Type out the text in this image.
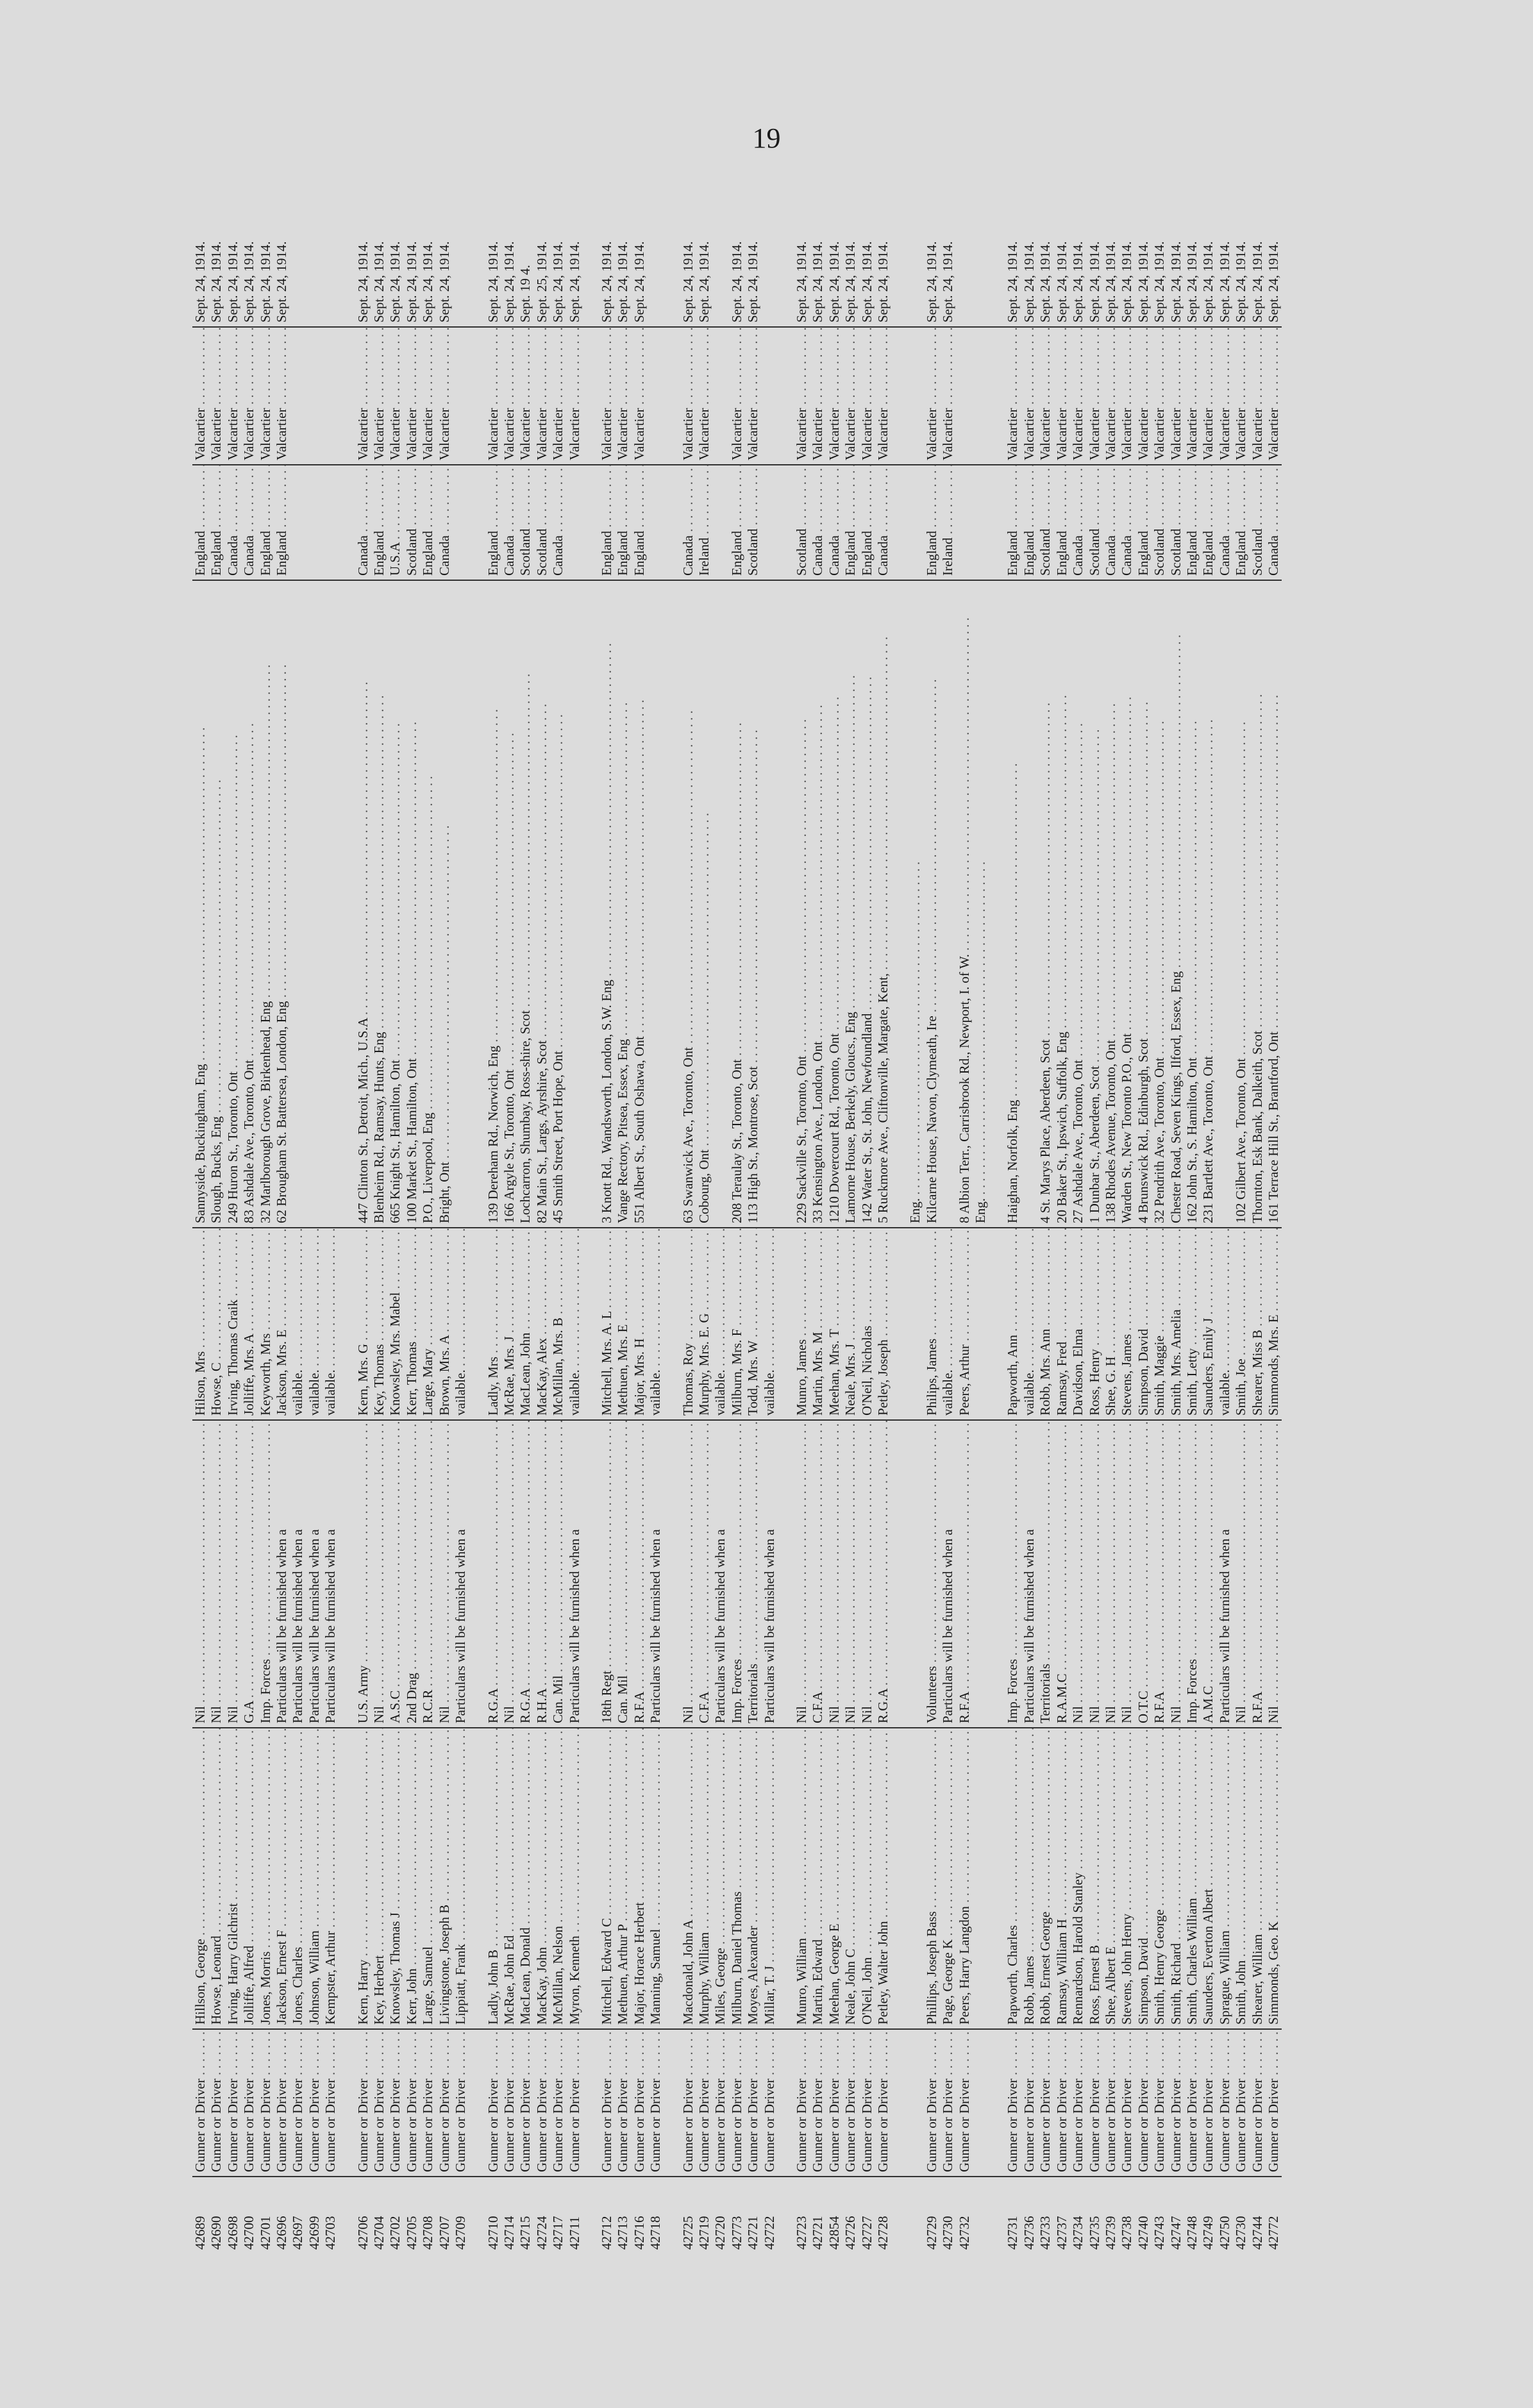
19
42689	Gunner or Driver . . .	Hillson, George . . .	Nil . . .	Hilson, Mrs . . .	Sannyside, Buckingham, Eng . . .	England . . .	Valcartier . . .	Sept. 24, 1914.
42690	Gunner or Driver . . .	Howse, Leonard . . .	Nil . . .	Howse, C . . .	Slough, Bucks, Eng . . .	England . . .	Valcartier . . .	Sept. 24, 1914.
42698	Gunner or Driver . . .	Irving, Harry Gilchrist . . .	Nil . . .	Irving, Thomas Craik . . .	249 Huron St., Toronto, Ont . . .	Canada . . .	Valcartier . . .	Sept. 24, 1914.
42700	Gunner or Driver . . .	Jolliffe, Alfred . . .	G.A . . .	Jolliffe, Mrs. A . . .	83 Ashdale Ave., Toronto, Ont . . .	Canada . . .	Valcartier . . .	Sept. 24, 1914.
42701	Gunner or Driver . . .	Jones, Morris . . .	Imp. Forces . . .	Keyworth, Mrs . . .	32 Marlborough Grove, Birkenhead, Eng . . .	England . . .	Valcartier . . .	Sept. 24, 1914.
42696	Gunner or Driver . . .	Jackson, Ernest F . . .	Particulars will be furnished when a	Jackson, Mrs. E . . .	62 Brougham St. Battersea, London, Eng . . .	England . . .	Valcartier . . .	Sept. 24, 1914.
42697	Gunner or Driver . . .	Jones, Charles . . .	Particulars will be furnished when a	vailable. . . .				
42699	Gunner or Driver . . .	Johnson, William . . .	Particulars will be furnished when a	vailable. . . .				
42703	Gunner or Driver . . .	Kempster, Arthur . . .	Particulars will be furnished when a	vailable. . . .				

42706	Gunner or Driver . . .	Kern, Harry . . .	U.S. Army . . .	Kern, Mrs. G . . .	447 Clinton St., Detroit, Mich., U.S.A . . .	Canada . . .	Valcartier . . .	Sept. 24, 1914.
42704	Gunner or Driver . . .	Key, Herbert . . .	Nil . . .	Key, Thomas . . .	Blenheim Rd., Ramsay, Hunts, Eng . . .	England . . .	Valcartier . . .	Sept. 24, 1914.
42702	Gunner or Driver . . .	Knowsley, Thomas J . . .	A.S.C . . .	Knowsley, Mrs. Mabel . . .	665 Knight St., Hamilton, Ont . . .	U.S.A . . .	Valcartier . . .	Sept. 24, 1914.
42705	Gunner or Driver . . .	Kerr, John . . .	2nd Drag . . .	Kerr, Thomas . . .	100 Market St., Hamilton, Ont . . .	Scotland . . .	Valcartier . . .	Sept. 24, 1914.
42708	Gunner or Driver . . .	Large, Samuel . . .	R.C.R . . .	Large, Mary . . .	P.O., Liverpool, Eng . . .	England . . .	Valcartier . . .	Sept. 24, 1914.
42707	Gunner or Driver . . .	Livingstone, Joseph B . . .	Nil . . .	Brown, Mrs. A . . .	Bright, Ont . . .	Canada . . .	Valcartier . . .	Sept. 24, 1914.
42709	Gunner or Driver . . .	Lippiatt, Frank . . .	Particulars will be furnished when a	vailable. . . .				

42710	Gunner or Driver . . .	Ladly, John B . . .	R.G.A . . .	Ladly, Mrs . . .	139 Dereham Rd., Norwich, Eng . . .	England . . .	Valcartier . . .	Sept. 24, 1914.
42714	Gunner or Driver . . .	McRae, John Ed . . .	Nil . . .	McRae, Mrs. J . . .	166 Argyle St., Toronto, Ont . . .	Canada . . .	Valcartier . . .	Sept. 24, 1914.
42715	Gunner or Driver . . .	MacLean, Donald . . .	R.G.A . . .	MacLean, John . . .	Lochcarron, Shumbay, Ross-shire, Scot . . .	Scotland . . .	Valcartier . . .	Sept. 19 4.
42724	Gunner or Driver . . .	MacKay, John . . .	R.H.A . . .	MacKay, Alex . . .	82 Main St., Largs, Ayrshire, Scot . . .	Scotland . . .	Valcartier . . .	Sept. 25, 1914.
42717	Gunner or Driver . . .	McMillan, Nelson . . .	Can. Mil . . .	McMillan, Mrs. B . . .	45 Smith Street, Port Hope, Ont . . .	Canada . . .	Valcartier . . .	Sept. 24, 1914.
42711	Gunner or Driver . . .	Myron, Kenneth . . .	Particulars will be furnished when a	vailable. . . .			Valcartier . . .	Sept. 24, 1914.

42712	Gunner or Driver . . .	Mitchell, Edward C . . .	18th Regt . . .	Mitchell, Mrs. A. L . . .	3 Knott Rd., Wandsworth, London, S.W. Eng . . .	England . . .	Valcartier . . .	Sept. 24, 1914.
42713	Gunner or Driver . . .	Methuen, Arthur P . . .	Can. Mil . . .	Methuen, Mrs. E . . .	Vange Rectory, Pitsea, Essex, Eng . . .	England . . .	Valcartier . . .	Sept. 24, 1914.
42716	Gunner or Driver . . .	Major, Horace Herbert . . .	R.F.A . . .	Major, Mrs. H . . .	551 Albert St., South Oshawa, Ont . . .	England . . .	Valcartier . . .	Sept. 24, 1914.
42718	Gunner or Driver . . .	Manning, Samuel . . .	Particulars will be furnished when a	vailable. . . .				

42725	Gunner or Driver . . .	Macdonald, John A . . .	Nil . . .	Thomas, Roy . . .	63 Swanwick Ave., Toronto, Ont . . .	Canada . . .	Valcartier . . .	Sept. 24, 1914.
42719	Gunner or Driver . . .	Murphy, William . . .	C.F.A . . .	Murphy, Mrs. E. G . . .	Cobourg, Ont . . .	Ireland . . .	Valcartier . . .	Sept. 24, 1914.
42720	Gunner or Driver . . .	Miles, George . . .	Particulars will be furnished when a	vailable. . . .				
42773	Gunner or Driver . . .	Milburn, Daniel Thomas . . .	Imp. Forces . . .	Milburn, Mrs. F . . .	208 Teraulay St., Toronto, Ont . . .	England . . .	Valcartier . . .	Sept. 24, 1914.
42721	Gunner or Driver . . .	Moyes, Alexander . . .	Territorials . . .	Todd, Mrs. W . . .	113 High St., Montrose, Scot . . .	Scotland . . .	Valcartier . . .	Sept. 24, 1914.
42722	Gunner or Driver . . .	Millar, T. J . . .	Particulars will be furnished when a	vailable. . . .				

42723	Gunner or Driver . . .	Munro, William . . .	Nil . . .	Munro, James . . .	229 Sackville St., Toronto, Ont . . .	Scotland . . .	Valcartier . . .	Sept. 24, 1914.
42721	Gunner or Driver . . .	Martin, Edward . . .	C.F.A . . .	Martin, Mrs. M . . .	33 Kensington Ave., London, Ont . . .	Canada . . .	Valcartier . . .	Sept. 24, 1914.
42854	Gunner or Driver . . .	Meehan, George E . . .	Nil . . .	Meehan, Mrs. T . . .	1210 Dovercourt Rd., Toronto, Ont . . .	Canada . . .	Valcartier . . .	Sept. 24, 1914.
42726	Gunner or Driver . . .	Neale, John C . . .	Nil . . .	Neale, Mrs. J . . .	Lamorne House, Berkely, Gloucs., Eng . . .	England . . .	Valcartier . . .	Sept. 24, 1914.
42727	Gunner or Driver . . .	O'Neil, John . . .	Nil . . .	O'Neil, Nicholas . . .	142 Water St., St. John, Newfoundland . . .	England . . .	Valcartier . . .	Sept. 24, 1914.
42728	Gunner or Driver . . .	Petley, Walter John . . .	R.G.A . . .	Petley, Joseph . . .	5 Ruckmore Ave., Cliftonville, Margate, Kent, . . .	Canada . . .	Valcartier . . .	Sept. 24, 1914.

					Eng. . . .			
42729	Gunner or Driver . . .	Phillips, Joseph Bass . . .	Volunteers . . .	Philips, James . . .	Kilcarne House, Navon, Clymeath, Ire . . .	England . . .	Valcartier . . .	Sept. 24, 1914.
42730	Gunner or Driver . . .	Page, George K . . .	Particulars will be furnished when a	vailable. . . .		Ireland . . .	Valcartier . . .	Sept. 24, 1914.
42732	Gunner or Driver . . .	Peers, Harry Langdon . . .	R.F.A . . .	Peers, Arthur . . .	8 Albion Terr., Carrisbrook Rd., Newport, I. of W. . . .			
					Eng. . . .			

42731	Gunner or Driver . . .	Papworth, Charles . . .	Imp. Forces . . .	Papworth, Ann . . .	Haighan, Norfolk, Eng . . .	England . . .	Valcartier . . .	Sept. 24, 1914.
42736	Gunner or Driver . . .	Robb, James . . .	Particulars will be furnished when a	vailable. . . .		England . . .	Valcartier . . .	Sept. 24, 1914.
42733	Gunner or Driver . . .	Robb, Ernest George . . .	Territorials . . .	Robb, Mrs. Ann . . .	4 St. Marys Place, Aberdeen, Scot . . .	Scotland . . .	Valcartier . . .	Sept. 24, 1914.
42737	Gunner or Driver . . .	Ramsay, William H . . .	R.A.M.C . . .	Ramsay, Fred . . .	20 Baker St., Ipswich, Suffolk, Eng . . .	England . . .	Valcartier . . .	Sept. 24, 1914.
42734	Gunner or Driver . . .	Rennardson, Harold Stanley . . .	Nil . . .	Davidson, Elma . . .	27 Ashdale Ave., Toronto, Ont . . .	Canada . . .	Valcartier . . .	Sept. 24, 1914.
42735	Gunner or Driver . . .	Ross, Ernest B . . .	Nil . . .	Ross, Henry . . .	1 Dunbar St., Aberdeen, Scot . . .	Scotland . . .	Valcartier . . .	Sept. 24, 1914.
42739	Gunner or Driver . . .	Shee, Albert E . . .	Nil . . .	Shee, G. H . . .	138 Rhodes Avenue, Toronto, Ont . . .	Canada . . .	Valcartier . . .	Sept. 24, 1914.
42738	Gunner or Driver . . .	Stevens, John Henry . . .	Nil . . .	Stevens, James . . .	Warden St., New Toronto P.O., Ont . . .	Canada . . .	Valcartier . . .	Sept. 24, 1914.
42740	Gunner or Driver . . .	Simpson, David . . .	O.T.C . . .	Simpson, David . . .	4 Brunswick Rd., Edinburgh, Scot . . .	England . . .	Valcartier . . .	Sept. 24, 1914.
42743	Gunner or Driver . . .	Smith, Henry George . . .	R.F.A . . .	Smith, Maggie . . .	32 Pendrith Ave., Toronto, Ont . . .	Scotland . . .	Valcartier . . .	Sept. 24, 1914.
42747	Gunner or Driver . . .	Smith, Richard . . .	Nil . . .	Smith, Mrs. Amelia . . .	Chester Road, Seven Kings, Ilford, Essex, Eng . . .	Scotland . . .	Valcartier . . .	Sept. 24, 1914.
42748	Gunner or Driver . . .	Smith, Charles William . . .	Imp. Forces . . .	Smith, Letty . . .	162 John St., S. Hamilton, Ont . . .	England . . .	Valcartier . . .	Sept. 24, 1914.
42749	Gunner or Driver . . .	Saunders, Everton Albert . . .	A.M.C . . .	Saunders, Emily J . . .	231 Bartlett Ave., Toronto, Ont . . .	England . . .	Valcartier . . .	Sept. 24, 1914.
42750	Gunner or Driver . . .	Sprague, William . . .	Particulars will be furnished when a	vailable. . . .		Canada . . .	Valcartier . . .	Sept. 24, 1914.
42730	Gunner or Driver . . .	Smith, John . . .	Nil . . .	Smith, Joe . . .	102 Gilbert Ave., Toronto, Ont . . .	England . . .	Valcartier . . .	Sept. 24, 1914.
42744	Gunner or Driver . . .	Shearer, William . . .	R.F.A . . .	Shearer, Miss B . . .	Thornton, Esk Bank, Dalkeith, Scot . . .	Scotland . . .	Valcartier . . .	Sept. 24, 1914.
42772	Gunner or Driver . . .	Simmonds, Geo. K . . .	Nil . . .	Simmonds, Mrs. E . . .	161 Terrace Hill St., Brantford, Ont . . .	Canada . . .	Valcartier . . .	Sept. 24, 1914.
